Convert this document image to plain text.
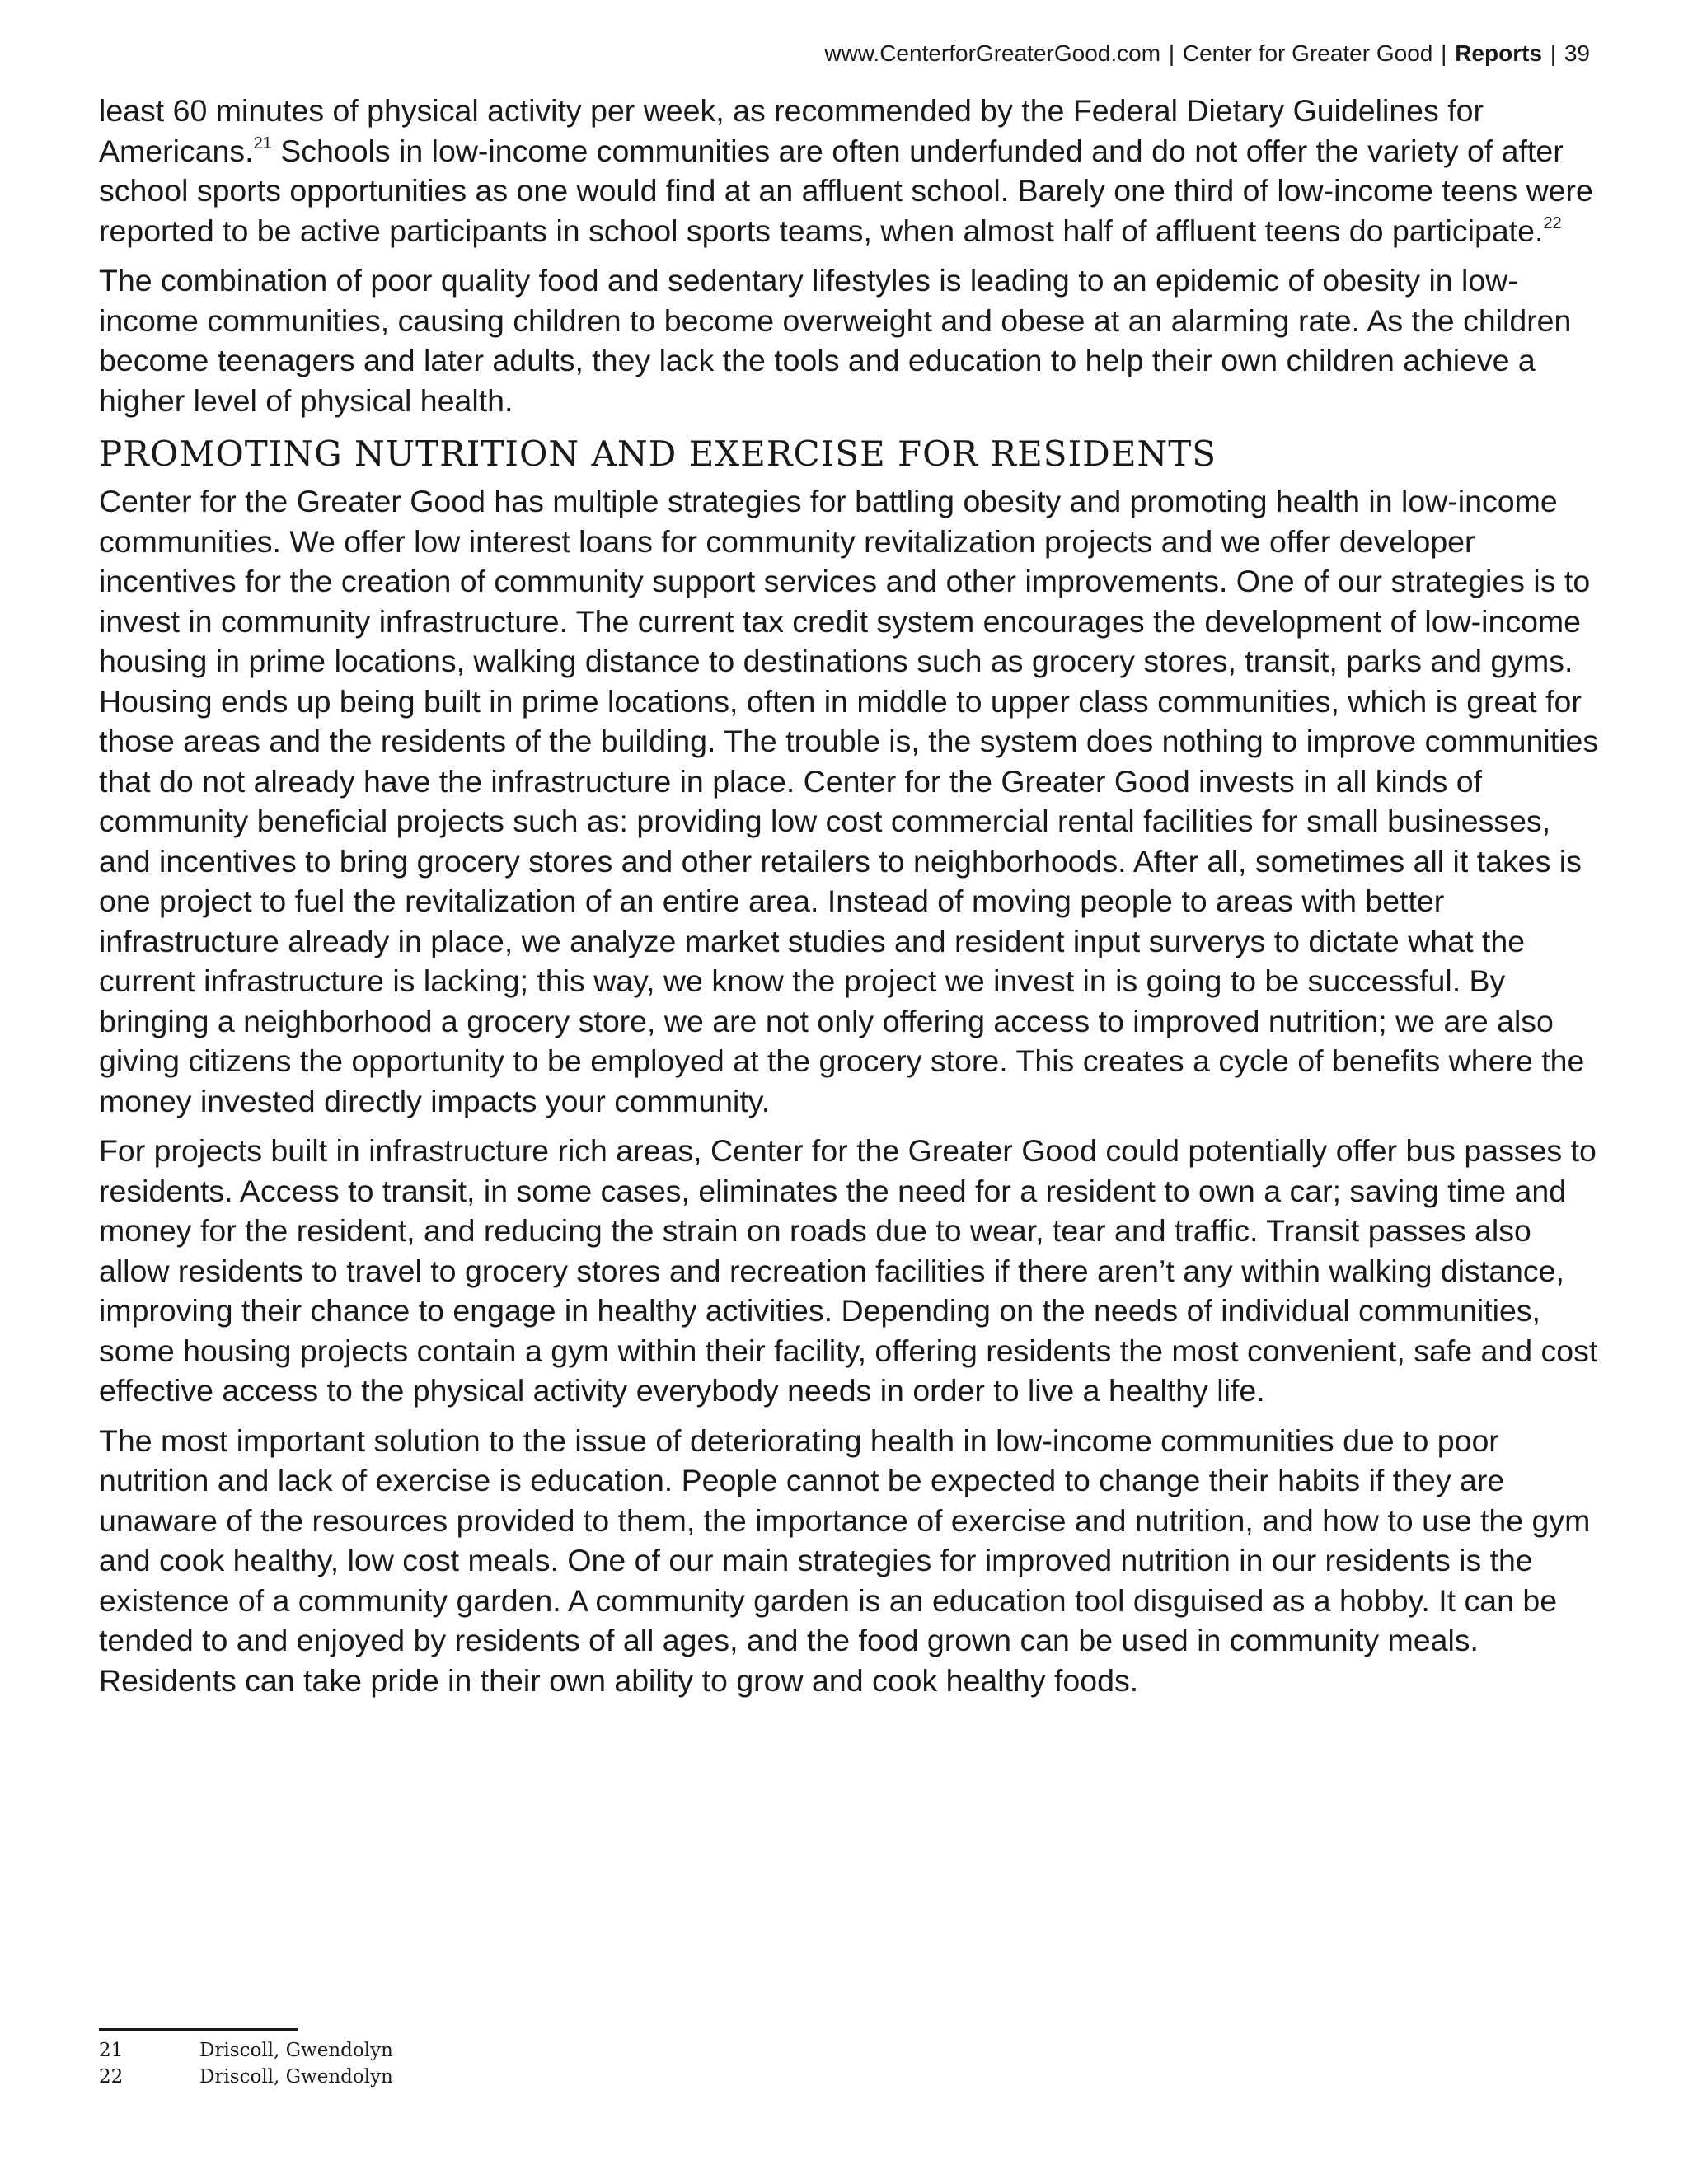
www.CenterforGreaterGood.com | Center for Greater Good | Reports | 39

least 60 minutes of physical activity per week, as recommended by the Federal Dietary Guidelines for Americans.$^{21}$ Schools in low-income communities are often underfunded and do not offer the variety of after school sports opportunities as one would find at an affluent school. Barely one third of low-income teens were reported to be active participants in school sports teams, when almost half of affluent teens do participate.$^{22}$

The combination of poor quality food and sedentary lifestyles is leading to an epidemic of obesity in low-income communities, causing children to become overweight and obese at an alarming rate. As the children become teenagers and later adults, they lack the tools and education to help their own children achieve a higher level of physical health.

PROMOTING NUTRITION AND EXERCISE FOR RESIDENTS

Center for the Greater Good has multiple strategies for battling obesity and promoting health in low-income communities. We offer low interest loans for community revitalization projects and we offer developer incentives for the creation of community support services and other improvements. One of our strategies is to invest in community infrastructure. The current tax credit system encourages the development of low-income housing in prime locations, walking distance to destinations such as grocery stores, transit, parks and gyms. Housing ends up being built in prime locations, often in middle to upper class communities, which is great for those areas and the residents of the building. The trouble is, the system does nothing to improve communities that do not already have the infrastructure in place. Center for the Greater Good invests in all kinds of community beneficial projects such as: providing low cost commercial rental facilities for small businesses, and incentives to bring grocery stores and other retailers to neighborhoods. After all, sometimes all it takes is one project to fuel the revitalization of an entire area. Instead of moving people to areas with better infrastructure already in place, we analyze market studies and resident input surverys to dictate what the current infrastructure is lacking; this way, we know the project we invest in is going to be successful. By bringing a neighborhood a grocery store, we are not only offering access to improved nutrition; we are also giving citizens the opportunity to be employed at the grocery store. This creates a cycle of benefits where the money invested directly impacts your community.

For projects built in infrastructure rich areas, Center for the Greater Good could potentially offer bus passes to residents. Access to transit, in some cases, eliminates the need for a resident to own a car; saving time and money for the resident, and reducing the strain on roads due to wear, tear and traffic. Transit passes also allow residents to travel to grocery stores and recreation facilities if there aren’t any within walking distance, improving their chance to engage in healthy activities. Depending on the needs of individual communities, some housing projects contain a gym within their facility, offering residents the most convenient, safe and cost effective access to the physical activity everybody needs in order to live a healthy life.

The most important solution to the issue of deteriorating health in low-income communities due to poor nutrition and lack of exercise is education. People cannot be expected to change their habits if they are unaware of the resources provided to them, the importance of exercise and nutrition, and how to use the gym and cook healthy, low cost meals. One of our main strategies for improved nutrition in our residents is the existence of a community garden. A community garden is an education tool disguised as a hobby. It can be tended to and enjoyed by residents of all ages, and the food grown can be used in community meals. Residents can take pride in their own ability to grow and cook healthy foods.

21	Driscoll, Gwendolyn
22	Driscoll, Gwendolyn
